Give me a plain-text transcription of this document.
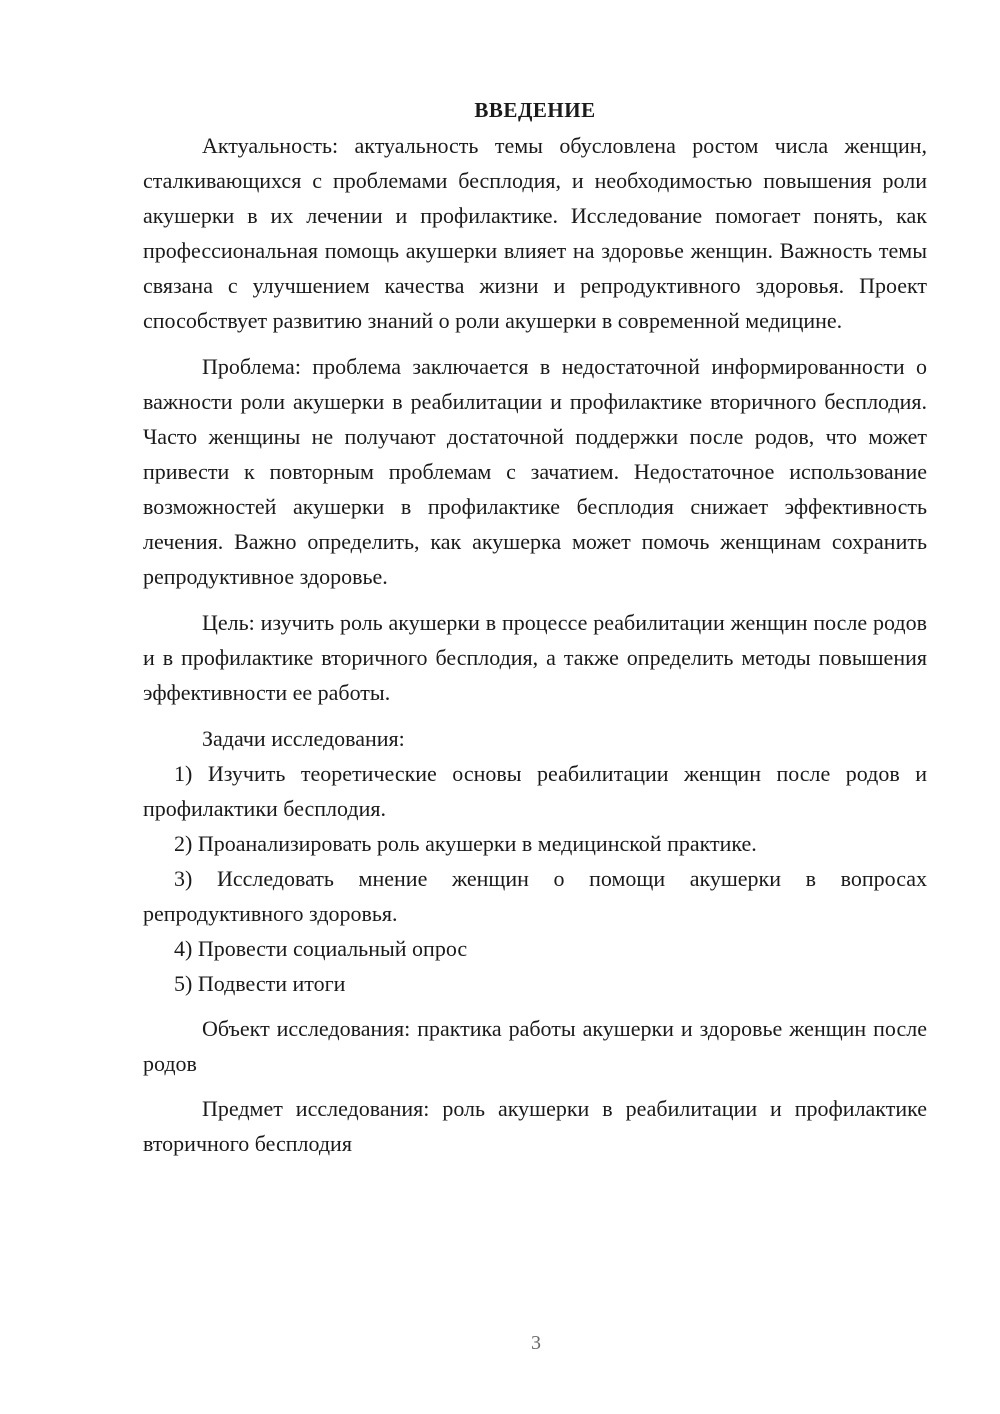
ВВЕДЕНИЕ

Актуальность: актуальность темы обусловлена ростом числа женщин, сталкивающихся с проблемами бесплодия, и необходимостью повышения роли акушерки в их лечении и профилактике. Исследование помогает понять, как профессиональная помощь акушерки влияет на здоровье женщин. Важность темы связана с улучшением качества жизни и репродуктивного здоровья. Проект способствует развитию знаний о роли акушерки в современной медицине.

Проблема: проблема заключается в недостаточной информированности о важности роли акушерки в реабилитации и профилактике вторичного бесплодия. Часто женщины не получают достаточной поддержки после родов, что может привести к повторным проблемам с зачатием. Недостаточное использование возможностей акушерки в профилактике бесплодия снижает эффективность лечения. Важно определить, как акушерка может помочь женщинам сохранить репродуктивное здоровье.

Цель: изучить роль акушерки в процессе реабилитации женщин после родов и в профилактике вторичного бесплодия, а также определить методы повышения эффективности ее работы.

Задачи исследования:

1) Изучить теоретические основы реабилитации женщин после родов и профилактики бесплодия.

2) Проанализировать роль акушерки в медицинской практике.

3) Исследовать мнение женщин о помощи акушерки в вопросах репродуктивного здоровья.

4) Провести социальный опрос

5) Подвести итоги

Объект исследования: практика работы акушерки и здоровье женщин после родов

Предмет исследования: роль акушерки в реабилитации и профилактике вторичного бесплодия

3
